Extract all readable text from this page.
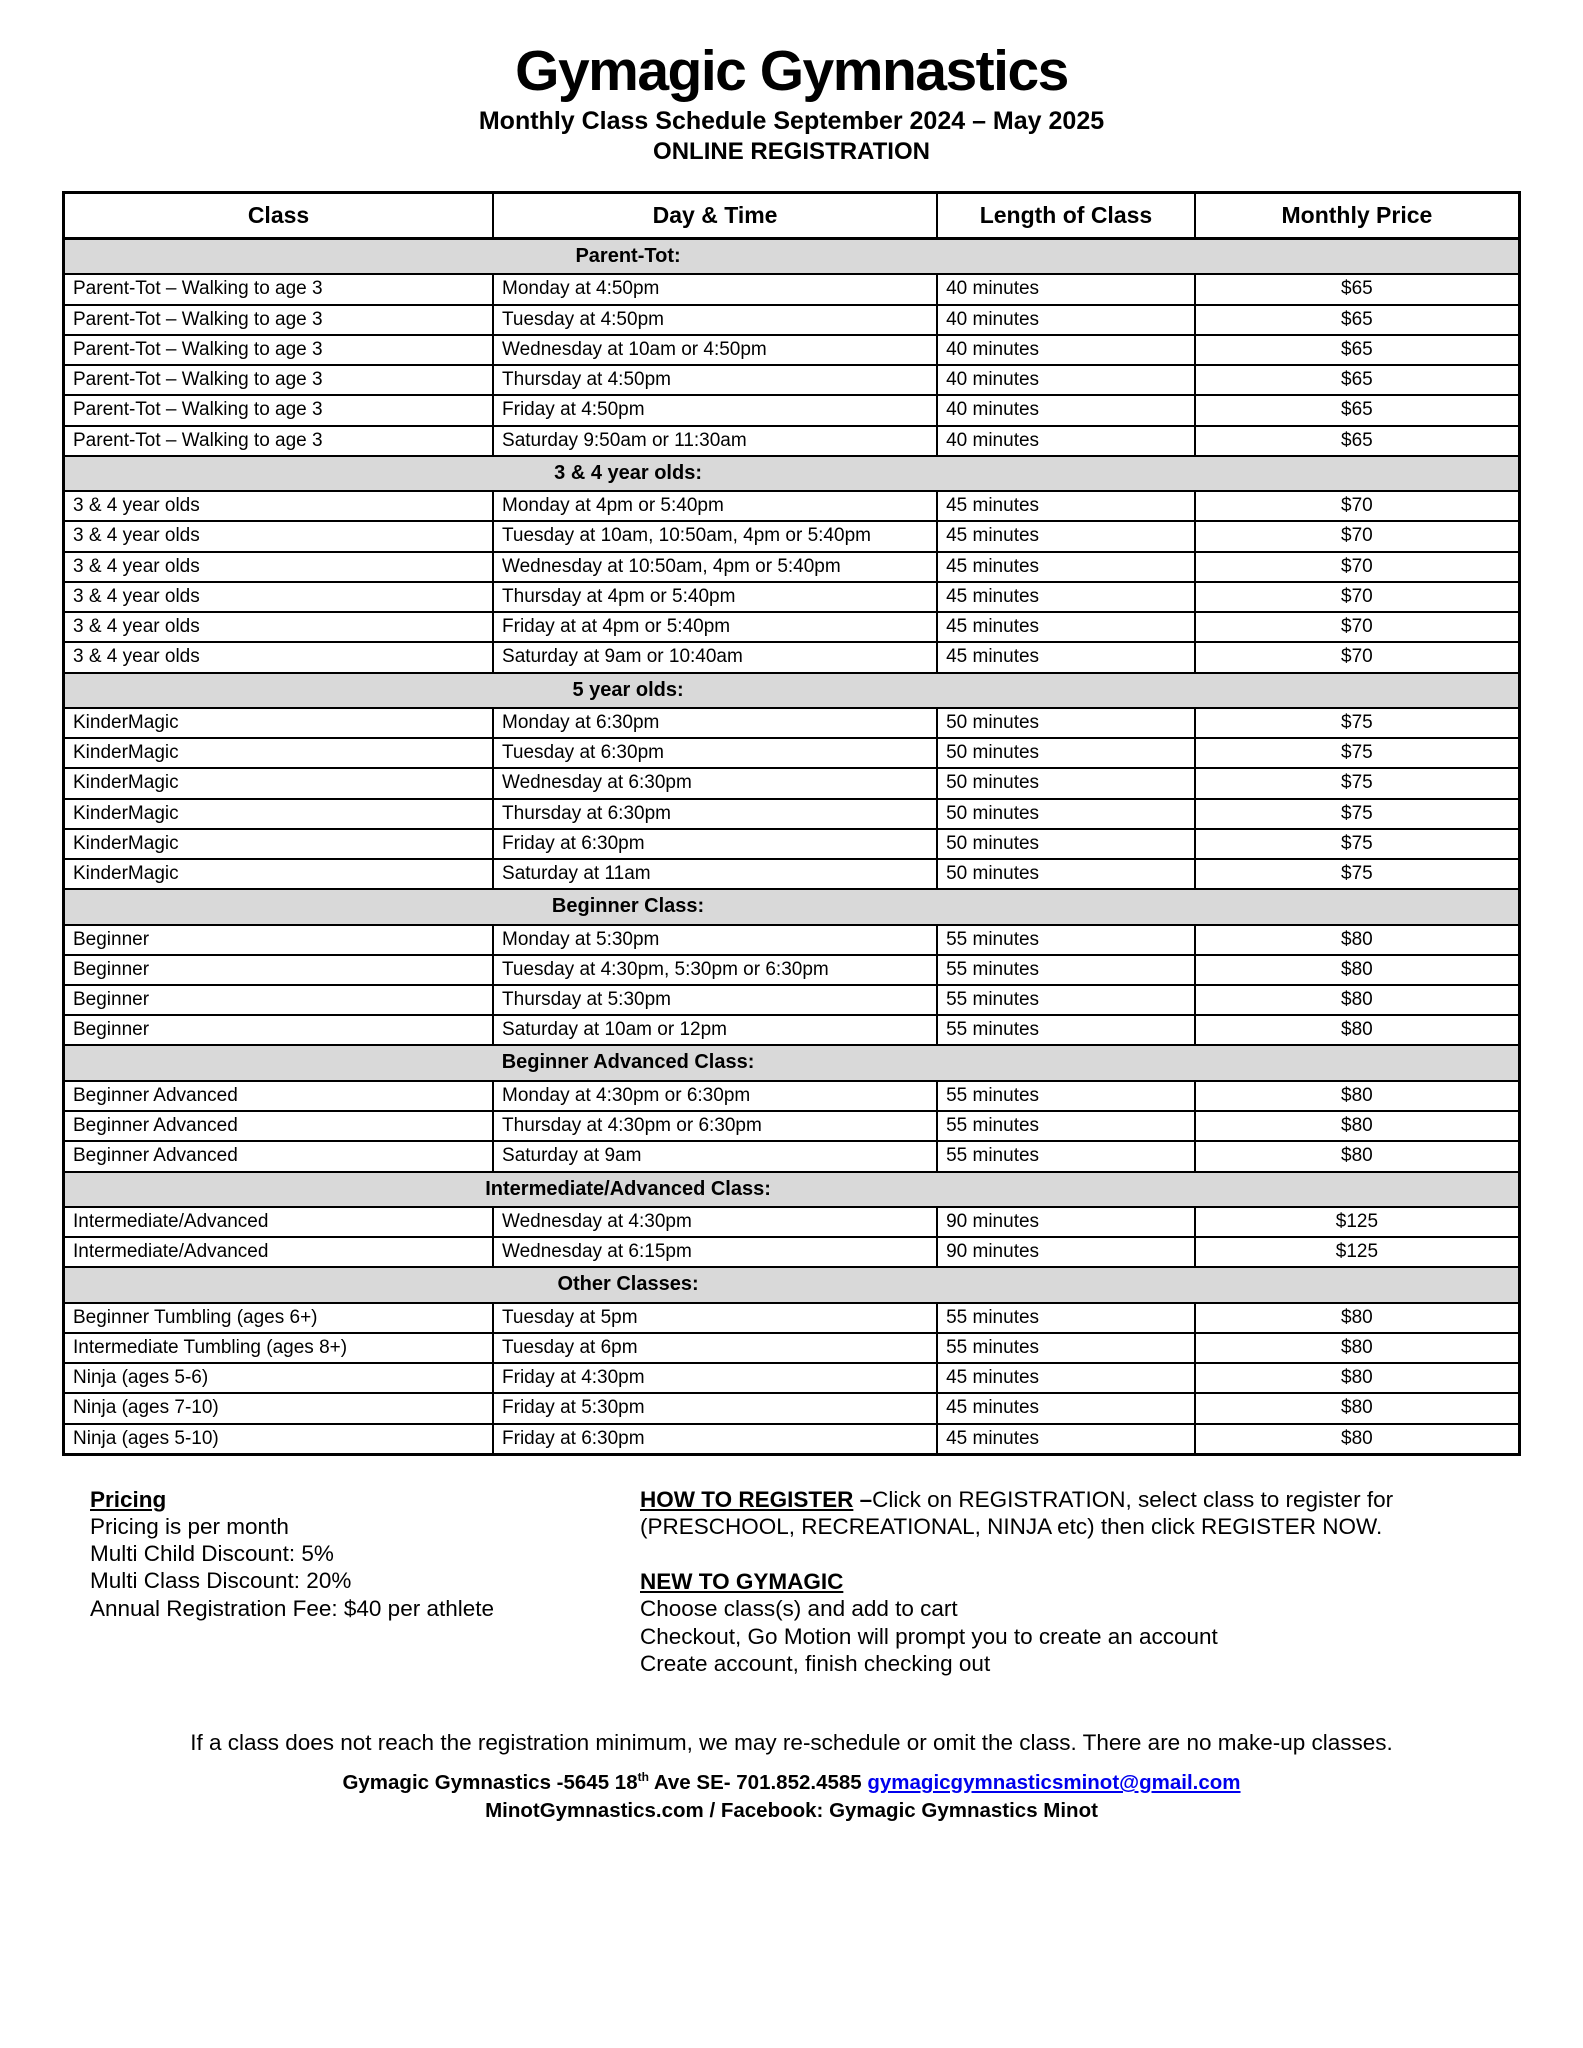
Gymagic Gymnastics
Monthly Class Schedule September 2024 – May 2025
ONLINE REGISTRATION
Class	Day & Time	Length of Class	Monthly Price
Parent-Tot:			
Parent-Tot – Walking to age 3	Monday at 4:50pm	40 minutes	$65
Parent-Tot – Walking to age 3	Tuesday at 4:50pm	40 minutes	$65
Parent-Tot – Walking to age 3	Wednesday at 10am or 4:50pm	40 minutes	$65
Parent-Tot – Walking to age 3	Thursday at 4:50pm	40 minutes	$65
Parent-Tot – Walking to age 3	Friday at 4:50pm	40 minutes	$65
Parent-Tot – Walking to age 3	Saturday 9:50am or 11:30am	40 minutes	$65
3 & 4 year olds:			
3 & 4 year olds	Monday at 4pm or 5:40pm	45 minutes	$70
3 & 4 year olds	Tuesday at 10am, 10:50am, 4pm or 5:40pm	45 minutes	$70
3 & 4 year olds	Wednesday at 10:50am, 4pm or 5:40pm	45 minutes	$70
3 & 4 year olds	Thursday at 4pm or 5:40pm	45 minutes	$70
3 & 4 year olds	Friday at at 4pm or 5:40pm	45 minutes	$70
3 & 4 year olds	Saturday at 9am or 10:40am	45 minutes	$70
5 year olds:			
KinderMagic	Monday at 6:30pm	50 minutes	$75
KinderMagic	Tuesday at 6:30pm	50 minutes	$75
KinderMagic	Wednesday at 6:30pm	50 minutes	$75
KinderMagic	Thursday at 6:30pm	50 minutes	$75
KinderMagic	Friday at 6:30pm	50 minutes	$75
KinderMagic	Saturday at 11am	50 minutes	$75
Beginner Class:			
Beginner	Monday at 5:30pm	55 minutes	$80
Beginner	Tuesday at 4:30pm, 5:30pm or 6:30pm	55 minutes	$80
Beginner	Thursday at 5:30pm	55 minutes	$80
Beginner	Saturday at 10am or 12pm	55 minutes	$80
Beginner Advanced Class:			
Beginner Advanced	Monday at 4:30pm or 6:30pm	55 minutes	$80
Beginner Advanced	Thursday at 4:30pm or 6:30pm	55 minutes	$80
Beginner Advanced	Saturday at 9am	55 minutes	$80
Intermediate/Advanced Class:			
Intermediate/Advanced	Wednesday at 4:30pm	90 minutes	$125
Intermediate/Advanced	Wednesday at 6:15pm	90 minutes	$125
Other Classes:			
Beginner Tumbling (ages 6+)	Tuesday at 5pm	55 minutes	$80
Intermediate Tumbling (ages 8+)	Tuesday at 6pm	55 minutes	$80
Ninja (ages 5-6)	Friday at 4:30pm	45 minutes	$80
Ninja (ages 7-10)	Friday at 5:30pm	45 minutes	$80
Ninja (ages 5-10)	Friday at 6:30pm	45 minutes	$80
Pricing
Pricing is per month
Multi Child Discount: 5%
Multi Class Discount: 20%
Annual Registration Fee: $40 per athlete
HOW TO REGISTER –Click on REGISTRATION, select class to register for (PRESCHOOL, RECREATIONAL, NINJA etc) then click REGISTER NOW.
NEW TO GYMAGIC
Choose class(s) and add to cart
Checkout, Go Motion will prompt you to create an account
Create account, finish checking out
If a class does not reach the registration minimum, we may re-schedule or omit the class. There are no make-up classes.
Gymagic Gymnastics -5645 18th Ave SE- 701.852.4585 gymagicgymnasticsminot@gmail.com
MinotGymnastics.com / Facebook: Gymagic Gymnastics Minot
